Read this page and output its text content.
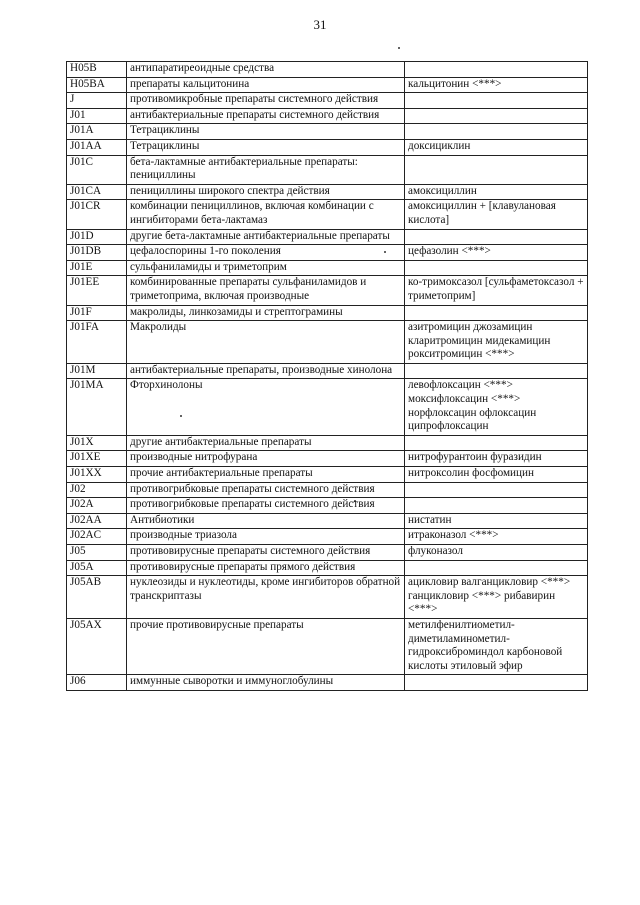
31
H05B	антипаратиреоидные средства	
H05BA	препараты кальцитонина	кальцитонин <***>
J	противомикробные препараты системного действия	
J01	антибактериальные препараты системного действия	
J01A	Тетрациклины	
J01AA	Тетрациклины	доксициклин
J01C	бета-лактамные антибактериальные препараты: пенициллины	
J01CA	пенициллины широкого спектра действия	амоксициллин
J01CR	комбинации пенициллинов, включая комбинации с ингибиторами бета-лактамаз	амоксициллин + [клавулановая кислота]
J01D	другие бета-лактамные антибактериальные препараты	
J01DB	цефалоспорины 1-го поколения	цефазолин <***>
J01E	сульфаниламиды и триметоприм	
J01EE	комбинированные препараты сульфаниламидов и триметоприма, включая производные	ко-тримоксазол [сульфаметоксазол + триметоприм]
J01F	макролиды, линкозамиды и стрептограмины	
J01FA	Макролиды	азитромицин джозамицин кларитромицин мидекамицин рокситромицин <***>
J01M	антибактериальные препараты, производные хинолона	
J01MA	Фторхинолоны	левофлоксацин <***> моксифлоксацин <***> норфлоксацин офлоксацин ципрофлоксацин
J01X	другие антибактериальные препараты	
J01XE	производные нитрофурана	нитрофурантоин фуразидин
J01XX	прочие антибактериальные препараты	нитроксолин фосфомицин
J02	противогрибковые препараты системного действия	
J02A	противогрибковые препараты системного действия	
J02AA	Антибиотики	нистатин
J02AC	производные триазола	итраконазол <***>
J05	противовирусные препараты системного действия	флуконазол
J05A	противовирусные препараты прямого действия	
J05AB	нуклеозиды и нуклеотиды, кроме ингибиторов обратной транскриптазы	ацикловир валганцикловир <***> ганцикловир <***> рибавирин <***>
J05AX	прочие противовирусные препараты	метилфенилтиометил-диметиламинометил-гидроксиброминдол карбоновой кислоты этиловый эфир
J06	иммунные сыворотки и иммуноглобулины	
